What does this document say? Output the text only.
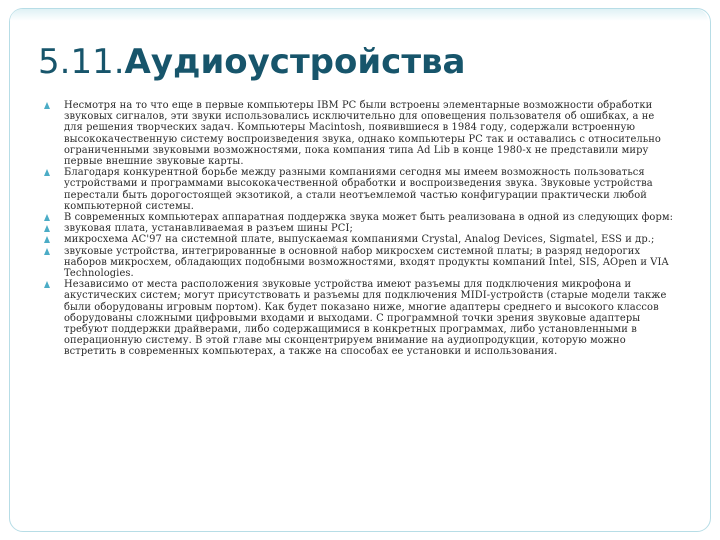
5.11.Аудиоустройства
Несмотря на то что еще в первые компьютеры IBM PC были встроены элементарные возможности обработки звуковых сигналов, эти звуки использовались исключительно для оповещения пользователя об ошибках, а не для решения творческих задач. Компьютеры Macintosh, появившиеся в 1984 году, содержали встроенную высококачественную систему воспроизведения звука, однако компьютеры PC так и оставались с относительно ограниченными звуковыми возможностями, пока компания типа Ad Lib в конце 1980-х не представили миру первые внешние звуковые карты.
Благодаря конкурентной борьбе между разными компаниями сегодня мы имеем возможность пользоваться устройствами и программами высококачественной обработки и воспроизведения звука. Звуковые устройства перестали быть дорогостоящей экзотикой, а стали неотъемлемой частью конфигурации практически любой компьютерной системы.
В современных компьютерах аппаратная поддержка звука может быть реализована в одной из следующих форм:
звуковая плата, устанавливаемая в разъем шины PCI;
микросхема AC'97 на системной плате, выпускаемая компаниями Crystal, Analog Devices, Sigmatel, ESS и др.;
звуковые устройства, интегрированные в основной набор микросхем системной платы; в разряд недорогих наборов микросхем, обладающих подобными возможностями, входят продукты компаний Intel, SIS, AOpen и VIA Technologies.
Независимо от места расположения звуковые устройства имеют разъемы для подключения микрофона и акустических систем; могут присутствовать и разъемы для подключения MIDI-устройств (старые модели также были оборудованы игровым портом). Как будет показано ниже, многие адаптеры среднего и высокого классов оборудованы сложными цифровыми входами и выходами. С программной точки зрения звуковые адаптеры требуют поддержки драйверами, либо содержащимися в конкретных программах, либо установленными в операционную систему. В этой главе мы сконцентрируем внимание на аудиопродукции, которую можно встретить в современных компьютерах, а также на способах ее установки и использования.
